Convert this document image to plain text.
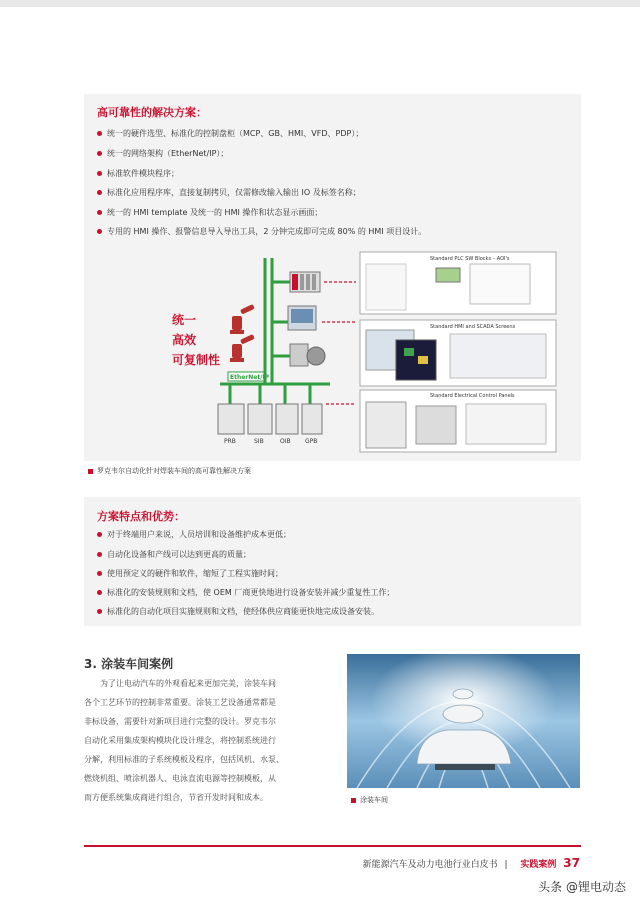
高可靠性的解决方案：
统一的硬件选型、标准化的控制盘柜（MCP、GB、HMI、VFD、PDP）；
统一的网络架构（EtherNet/IP）；
标准软件模块程序；
标准化应用程序库，直接复制拷贝，仅需修改输入输出 IO 及标签名称；
统一的 HMI template 及统一的 HMI 操作和状态显示画面；
专用的 HMI 操作、报警信息导入导出工具，2 分钟完成即可完成 80% 的 HMI 项目设计。
统一
高效
可复制性
EtherNet/IP
PRB	SIB	OIB GPB
Standard PLC SW Blocks – AOI's
Standard HMI and SCADA Screens
Standard Electrical Control Panels
罗克韦尔自动化针对焊装车间的高可靠性解决方案
方案特点和优势：
对于终端用户来说，人员培训和设备维护成本更低；
自动化设备和产线可以达到更高的质量；
使用预定义的硬件和软件，缩短了工程实施时间；
标准化的安装规则和文档，使 OEM 厂商更快地进行设备安装并减少重复性工作；
标准化的自动化项目实施规则和文档，使经体供应商能更快地完成设备安装。
3. 涂装车间案例
为了让电动汽车的外观看起来更加完美，涂装车间
各个工艺环节的控制非常重要。涂装工艺设备通常都是
非标设备，需要针对新项目进行完整的设计。罗克韦尔
自动化采用集成架构模块化设计理念，将控制系统进行
分解，利用标准的子系统模板及程序，包括风机、水泵、
燃烧机组、喷涂机器人、电泳直流电源等控制模板，从
而方便系统集成商进行组合，节省开发时间和成本。	涂装车间
新能源汽车及动力电池行业白皮书 | 实践案例 37
头条 @锂电动态
